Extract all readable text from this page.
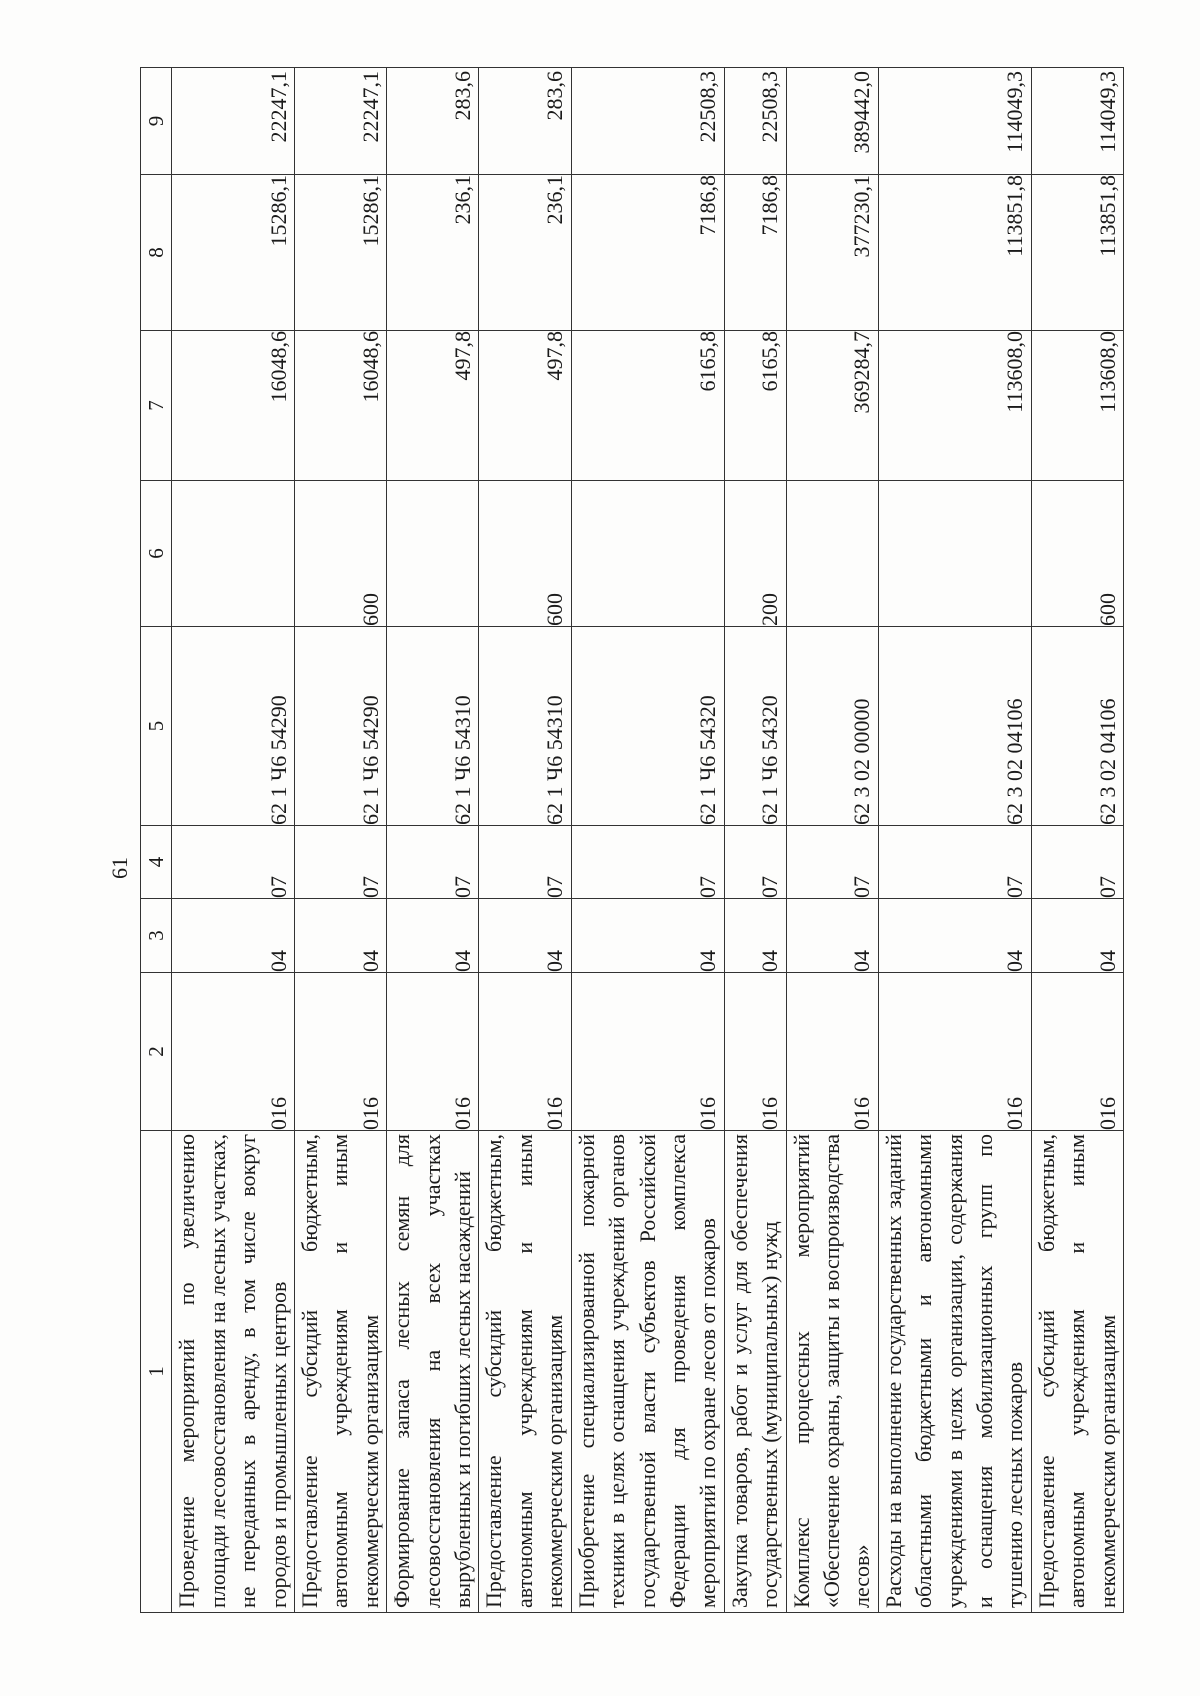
61
1	2	3	4	5	6	7	8	9
Проведение мероприятий по увеличению площади лесовосстановления на лесных участках, не переданных в аренду, в том числе вокруг городов и промышленных центров	016	04	07	62 1 Ч6 54290		16048,6	15286,1	22247,1
Предоставление субсидий бюджетным, автономным учреждениям и иным некоммерческим организациям	016	04	07	62 1 Ч6 54290	600	16048,6	15286,1	22247,1
Формирование запаса лесных семян для лесовосстановления на всех участках вырубленных и погибших лесных насаждений	016	04	07	62 1 Ч6 54310		497,8	236,1	283,6
Предоставление субсидий бюджетным, автономным учреждениям и иным некоммерческим организациям	016	04	07	62 1 Ч6 54310	600	497,8	236,1	283,6
Приобретение специализированной пожарной техники в целях оснащения учреждений органов государственной власти субъектов Российской Федерации для проведения комплекса мероприятий по охране лесов от пожаров	016	04	07	62 1 Ч6 54320		6165,8	7186,8	22508,3
Закупка товаров, работ и услуг для обеспечения государственных (муниципальных) нужд	016	04	07	62 1 Ч6 54320	200	6165,8	7186,8	22508,3
Комплекс процессных мероприятий «Обеспечение охраны, защиты и воспроизводства лесов»	016	04	07	62 3 02 00000		369284,7	377230,1	389442,0
Расходы на выполнение государственных заданий областными бюджетными и автономными учреждениями в целях организации, содержания и оснащения мобилизационных групп по тушению лесных пожаров	016	04	07	62 3 02 04106		113608,0	113851,8	114049,3
Предоставление субсидий бюджетным, автономным учреждениям и иным некоммерческим организациям	016	04	07	62 3 02 04106	600	113608,0	113851,8	114049,3
